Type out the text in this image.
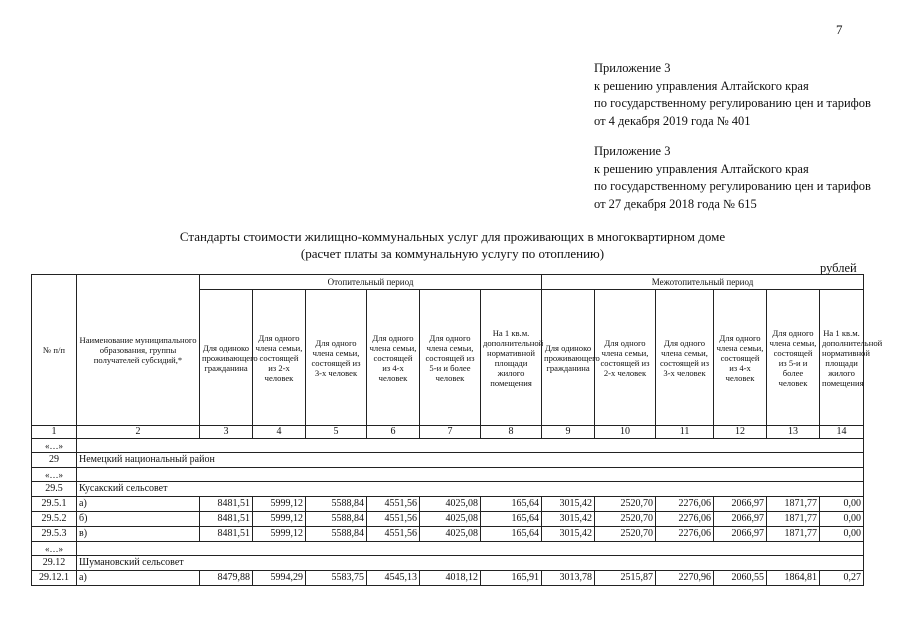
7
Приложение 3
к решению управления Алтайского края
по государственному регулированию цен и тарифов
от 4 декабря 2019 года № 401
Приложение 3
к решению управления Алтайского края
по государственному регулированию цен и тарифов
от 27 декабря 2018 года № 615
Стандарты стоимости жилищно-коммунальных услуг для проживающих в многоквартирном доме
(расчет платы за коммунальную услугу по отоплению)
рублей
№ п/п	Наименование муниципального образования, группы получателей субсидий,*	Отопительный период						Межотопительный период					
		Для одиноко проживающего гражданина	Для одного члена семьи, состоящей из 2-х человек	Для одного члена семьи, состоящей из 3-х человек	Для одного члена семьи, состоящей из 4-х человек	Для одного члена семьи, состоящей из 5-и и более человек	На 1 кв.м. дополнительной нормативной площади жилого помещения	Для одиноко проживающего гражданина	Для одного члена семьи, состоящей из 2-х человек	Для одного члена семьи, состоящей из 3-х человек	Для одного члена семьи, состоящей из 4-х человек	Для одного члена семьи, состоящей из 5-и и более человек	На 1 кв.м. дополнительной нормативной площади жилого помещения
1	2	3	4	5	6	7	8	9	10	11	12	13	14
«…»													
29	Немецкий национальный район												
«…»													
29.5	Кусакский сельсовет												
29.5.1	а)	8481,51	5999,12	5588,84	4551,56	4025,08	165,64	3015,42	2520,70	2276,06	2066,97	1871,77	0,00
29.5.2	б)	8481,51	5999,12	5588,84	4551,56	4025,08	165,64	3015,42	2520,70	2276,06	2066,97	1871,77	0,00
29.5.3	в)	8481,51	5999,12	5588,84	4551,56	4025,08	165,64	3015,42	2520,70	2276,06	2066,97	1871,77	0,00
«…»													
29.12	Шумановский сельсовет												
29.12.1	а)	8479,88	5994,29	5583,75	4545,13	4018,12	165,91	3013,78	2515,87	2270,96	2060,55	1864,81	0,27
